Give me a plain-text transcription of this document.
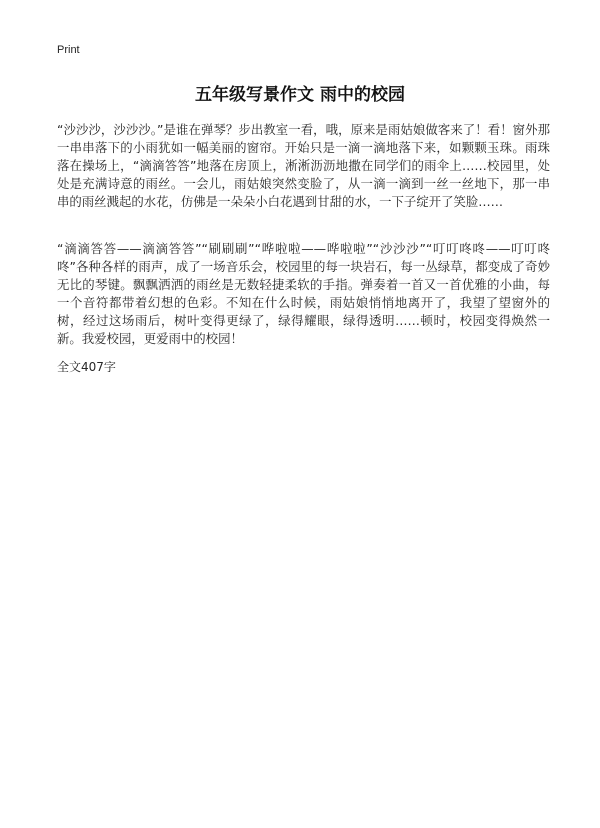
Print
五年级写景作文 雨中的校园

“沙沙沙，沙沙沙。”是谁在弹琴？步出教室一看，哦，原来是雨姑娘做客来了！看！窗外那一串串落下的小雨犹如一幅美丽的窗帘。开始只是一滴一滴地落下来，如颗颗玉珠。雨珠落在操场上，“滴滴答答”地落在房顶上，淅淅沥沥地撒在同学们的雨伞上……校园里，处处是充满诗意的雨丝。一会儿，雨姑娘突然变脸了，从一滴一滴到一丝一丝地下，那一串串的雨丝溅起的水花，仿佛是一朵朵小白花遇到甘甜的水，一下子绽开了笑脸……

“滴滴答答——滴滴答答”“刷刷刷”“哗啦啦——哗啦啦”“沙沙沙”“叮叮咚咚——叮叮咚咚”各种各样的雨声，成了一场音乐会，校园里的每一块岩石，每一丛绿草，都变成了奇妙无比的琴键。飘飘洒洒的雨丝是无数轻捷柔软的手指。弹奏着一首又一首优雅的小曲，每一个音符都带着幻想的色彩。不知在什么时候，雨姑娘悄悄地离开了，我望了望窗外的树，经过这场雨后，树叶变得更绿了，绿得耀眼，绿得透明……顿时，校园变得焕然一新。我爱校园，更爱雨中的校园！

全文407字
